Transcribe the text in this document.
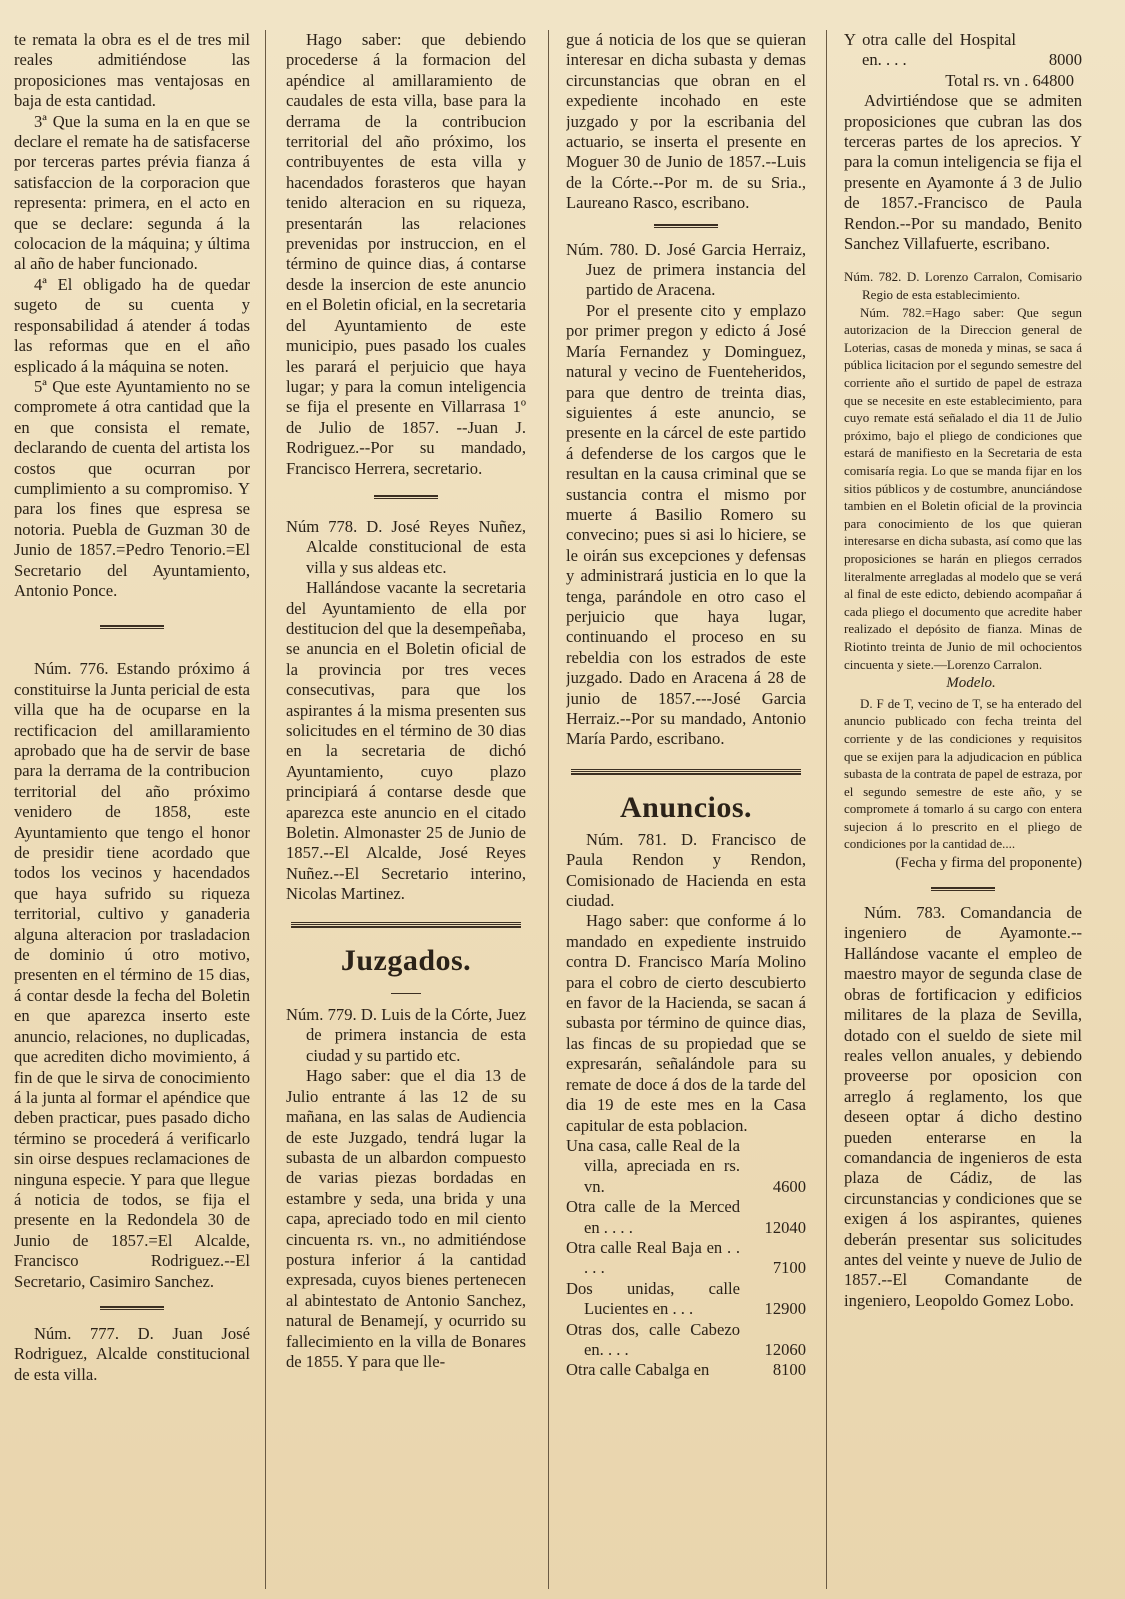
te remata la obra es el de tres mil reales admitiéndose las proposiciones mas ventajosas en baja de esta cantidad.

3ª Que la suma en la en que se declare el remate ha de satisfacerse por terceras partes prévia fianza á satisfaccion de la corporacion que representa: primera, en el acto en que se declare: segunda á la colocacion de la máquina; y última al año de haber funcionado.

4ª El obligado ha de quedar sugeto de su cuenta y responsabilidad á atender á todas las reformas que en el año esplicado á la máquina se noten.

5ª Que este Ayuntamiento no se compromete á otra cantidad que la en que consista el remate, declarando de cuenta del artista los costos que ocurran por cumplimiento a su compromiso. Y para los fines que espresa se notoria. Puebla de Guzman 30 de Junio de 1857.=Pedro Tenorio.=El Secretario del Ayuntamiento, Antonio Ponce.

Núm. 776. Estando próximo á constituirse la Junta pericial de esta villa que ha de ocuparse en la rectificacion del amillaramiento aprobado que ha de servir de base para la derrama de la contribucion territorial del año próximo venidero de 1858, este Ayuntamiento que tengo el honor de presidir tiene acordado que todos los vecinos y hacendados que haya sufrido su riqueza territorial, cultivo y ganaderia alguna alteracion por trasladacion de dominio ú otro motivo, presenten en el término de 15 dias, á contar desde la fecha del Boletin en que aparezca inserto este anuncio, relaciones, no duplicadas, que acrediten dicho movimiento, á fin de que le sirva de conocimiento á la junta al formar el apéndice que deben practicar, pues pasado dicho término se procederá á verificarlo sin oirse despues reclamaciones de ninguna especie. Y para que llegue á noticia de todos, se fija el presente en la Redondela 30 de Junio de 1857.=El Alcalde, Francisco Rodriguez.--El Secretario, Casimiro Sanchez.

Núm. 777. D. Juan José Rodriguez, Alcalde constitucional de esta villa.

Hago saber: que debiendo procederse á la formacion del apéndice al amillaramiento de caudales de esta villa, base para la derrama de la contribucion territorial del año próximo, los contribuyentes de esta villa y hacendados forasteros que hayan tenido alteracion en su riqueza, presentarán las relaciones prevenidas por instruccion, en el término de quince dias, á contarse desde la insercion de este anuncio en el Boletin oficial, en la secretaria del Ayuntamiento de este municipio, pues pasado los cuales les parará el perjuicio que haya lugar; y para la comun inteligencia se fija el presente en Villarrasa 1º de Julio de 1857. --Juan J. Rodriguez.--Por su mandado, Francisco Herrera, secretario.

Núm 778. D. José Reyes Nuñez, Alcalde constitucional de esta villa y sus aldeas etc.

Hallándose vacante la secretaria del Ayuntamiento de ella por destitucion del que la desempeñaba, se anuncia en el Boletin oficial de la provincia por tres veces consecutivas, para que los aspirantes á la misma presenten sus solicitudes en el término de 30 dias en la secretaria de dichó Ayuntamiento, cuyo plazo principiará á contarse desde que aparezca este anuncio en el citado Boletin. Almonaster 25 de Junio de 1857.--El Alcalde, José Reyes Nuñez.--El Secretario interino, Nicolas Martinez.

Juzgados.

Núm. 779. D. Luis de la Córte, Juez de primera instancia de esta ciudad y su partido etc.

Hago saber: que el dia 13 de Julio entrante á las 12 de su mañana, en las salas de Audiencia de este Juzgado, tendrá lugar la subasta de un albardon compuesto de varias piezas bordadas en estambre y seda, una brida y una capa, apreciado todo en mil ciento cincuenta rs. vn., no admitiéndose postura inferior á la cantidad expresada, cuyos bienes pertenecen al abintestato de Antonio Sanchez, natural de Benamejí, y ocurrido su fallecimiento en la villa de Bonares de 1855. Y para que lle-

gue á noticia de los que se quieran interesar en dicha subasta y demas circunstancias que obran en el expediente incohado en este juzgado y por la escribania del actuario, se inserta el presente en Moguer 30 de Junio de 1857.--Luis de la Córte.--Por m. de su Sria., Laureano Rasco, escribano.

Núm. 780. D. José Garcia Herraiz, Juez de primera instancia del partido de Aracena.

Por el presente cito y emplazo por primer pregon y edicto á José María Fernandez y Dominguez, natural y vecino de Fuenteheridos, para que dentro de treinta dias, siguientes á este anuncio, se presente en la cárcel de este partido á defenderse de los cargos que le resultan en la causa criminal que se sustancia contra el mismo por muerte á Basilio Romero su convecino; pues si asi lo hiciere, se le oirán sus excepciones y defensas y administrará justicia en lo que la tenga, parándole en otro caso el perjuicio que haya lugar, continuando el proceso en su rebeldia con los estrados de este juzgado. Dado en Aracena á 28 de junio de 1857.---José Garcia Herraiz.--Por su mandado, Antonio María Pardo, escribano.

Anuncios.

Núm. 781. D. Francisco de Paula Rendon y Rendon, Comisionado de Hacienda en esta ciudad.

Hago saber: que conforme á lo mandado en expediente instruido contra D. Francisco María Molino para el cobro de cierto descubierto en favor de la Hacienda, se sacan á subasta por término de quince dias, las fincas de su propiedad que se expresarán, señalándole para su remate de doce á dos de la tarde del dia 19 de este mes en la Casa capitular de esta poblacion.

Una casa, calle Real de la villa, apreciada en rs. vn.	4600
Otra calle de la Merced en . . . .	12040
Otra calle Real Baja en . . . . .	7100
Dos unidas, calle Lucientes en . . .	12900
Otras dos, calle Cabezo en. . . .	12060
Otra calle Cabalga en	8100
Y otra calle del Hospital en. . . .	8000

Total rs. vn . 64800

Advirtiéndose que se admiten proposiciones que cubran las dos terceras partes de los aprecios. Y para la comun inteligencia se fija el presente en Ayamonte á 3 de Julio de 1857.-Francisco de Paula Rendon.--Por su mandado, Benito Sanchez Villafuerte, escribano.

Núm. 782. D. Lorenzo Carralon, Comisario Regio de esta establecimiento.

Núm. 782.=Hago saber: Que segun autorizacion de la Direccion general de Loterias, casas de moneda y minas, se saca á pública licitacion por el segundo semestre del corriente año el surtido de papel de estraza que se necesite en este establecimiento, para cuyo remate está señalado el dia 11 de Julio próximo, bajo el pliego de condiciones que estará de manifiesto en la Secretaria de esta comisaría regia. Lo que se manda fijar en los sitios públicos y de costumbre, anunciándose tambien en el Boletin oficial de la provincia para conocimiento de los que quieran interesarse en dicha subasta, así como que las proposiciones se harán en pliegos cerrados literalmente arregladas al modelo que se verá al final de este edicto, debiendo acompañar á cada pliego el documento que acredite haber realizado el depósito de fianza. Minas de Riotinto treinta de Junio de mil ochocientos cincuenta y siete.—Lorenzo Carralon.

Modelo.

D. F de T, vecino de T, se ha enterado del anuncio publicado con fecha treinta del corriente y de las condiciones y requisitos que se exijen para la adjudicacion en pública subasta de la contrata de papel de estraza, por el segundo semestre de este año, y se compromete á tomarlo á su cargo con entera sujecion á lo prescrito en el pliego de condiciones por la cantidad de....

(Fecha y firma del proponente)

Núm. 783. Comandancia de ingeniero de Ayamonte.--Hallándose vacante el empleo de maestro mayor de segunda clase de obras de fortificacion y edificios militares de la plaza de Sevilla, dotado con el sueldo de siete mil reales vellon anuales, y debiendo proveerse por oposicion con arreglo á reglamento, los que deseen optar á dicho destino pueden enterarse en la comandancia de ingenieros de esta plaza de Cádiz, de las circunstancias y condiciones que se exigen á los aspirantes, quienes deberán presentar sus solicitudes antes del veinte y nueve de Julio de 1857.--El Comandante de ingeniero, Leopoldo Gomez Lobo.
